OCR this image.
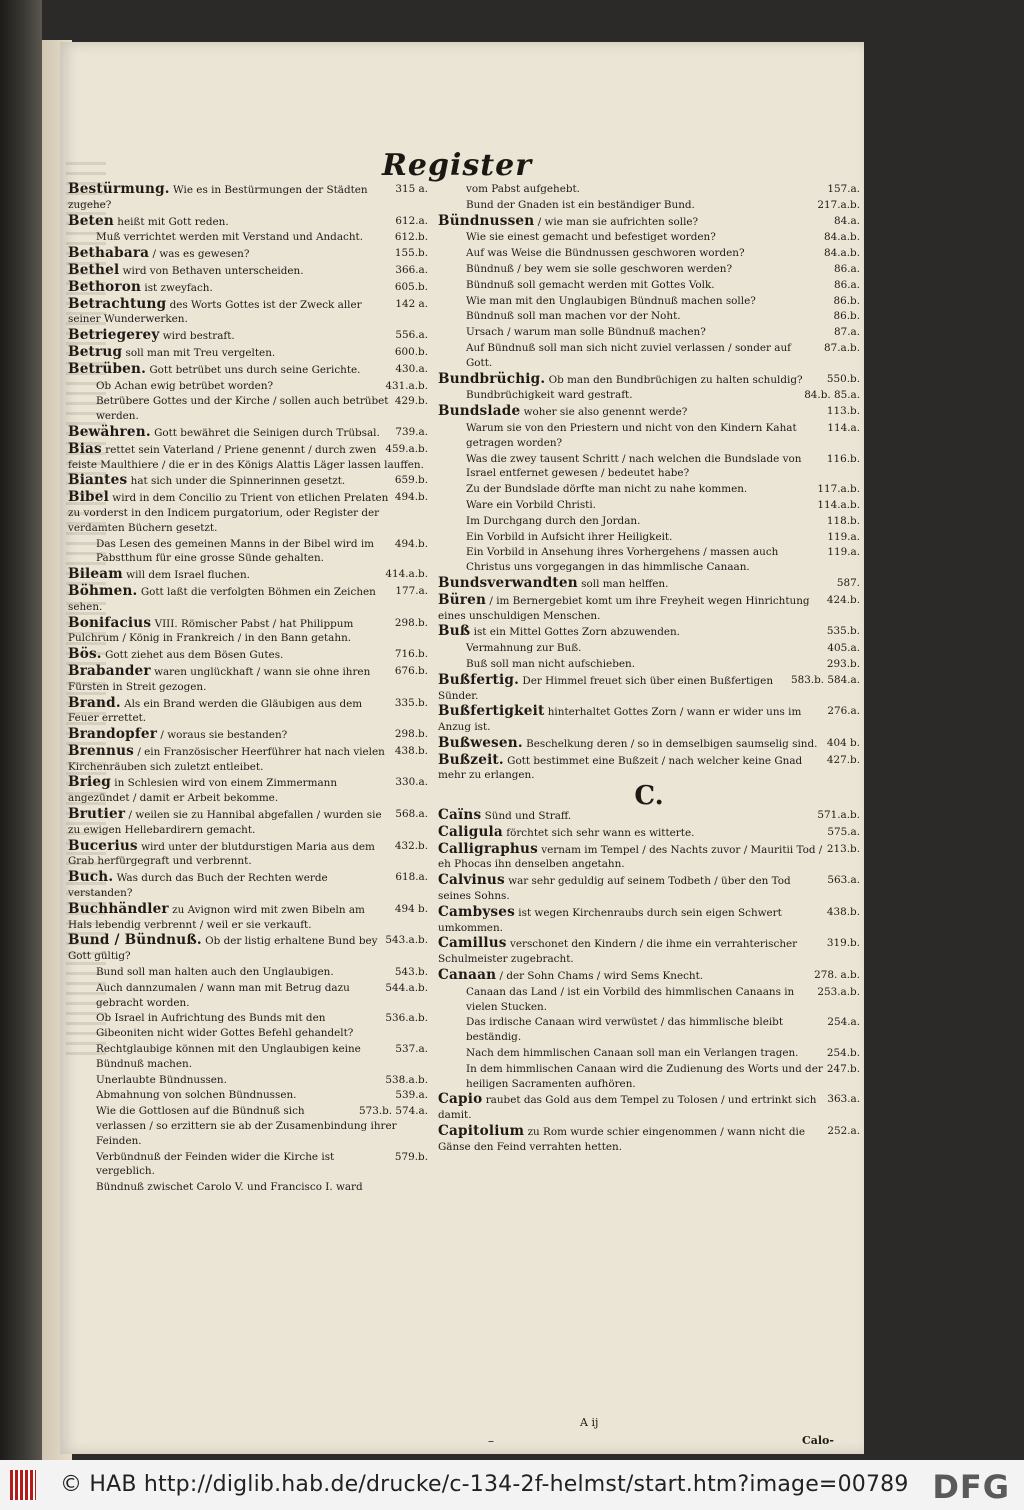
Register
315 a.
Bestürmung. Wie es in Bestürmungen der Städten zugehe?
612.a.
Beten heißt mit Gott reden.
612.b.
Muß verrichtet werden mit Verstand und Andacht.
155.b.
Bethabara / was es gewesen?
366.a.
Bethel wird von Bethaven unterscheiden.
605.b.
Bethoron ist zweyfach.
142 a.
Betrachtung des Worts Gottes ist der Zweck aller seiner Wunderwerken.
556.a.
Betriegerey wird bestraft.
600.b.
Betrug soll man mit Treu vergelten.
430.a.
Betrüben. Gott betrübet uns durch seine Gerichte.
431.a.b.
Ob Achan ewig betrübet worden?
429.b.
Betrübere Gottes und der Kirche / sollen auch betrübet werden.
739.a.
Bewähren. Gott bewähret die Seinigen durch Trübsal.
459.a.b.
Bias rettet sein Vaterland / Priene genennt / durch zwen feiste Maulthiere / die er in des Königs Alattis Läger lassen lauffen.
659.b.
Biantes hat sich under die Spinnerinnen gesetzt.
494.b.
Bibel wird in dem Concilio zu Trient von etlichen Prelaten zu vorderst in den Indicem purgatorium, oder Register der verdamten Büchern gesetzt.
494.b.
Das Lesen des gemeinen Manns in der Bibel wird im Pabstthum für eine grosse Sünde gehalten.
414.a.b.
Bileam will dem Israel fluchen.
177.a.
Böhmen. Gott laßt die verfolgten Böhmen ein Zeichen sehen.
298.b.
Bonifacius VIII. Römischer Pabst / hat Philippum Pulchrum / König in Frankreich / in den Bann getahn.
716.b.
Bös. Gott ziehet aus dem Bösen Gutes.
676.b.
Brabander waren unglückhaft / wann sie ohne ihren Fürsten in Streit gezogen.
335.b.
Brand. Als ein Brand werden die Gläubigen aus dem Feuer errettet.
298.b.
Brandopfer / woraus sie bestanden?
438.b.
Brennus / ein Französischer Heerführer hat nach vielen Kirchenräuben sich zuletzt entleibet.
330.a.
Brieg in Schlesien wird von einem Zimmermann angezündet / damit er Arbeit bekomme.
568.a.
Brutier / weilen sie zu Hannibal abgefallen / wurden sie zu ewigen Hellebardirern gemacht.
432.b.
Bucerius wird unter der blutdurstigen Maria aus dem Grab herfürgegraft und verbrennt.
618.a.
Buch. Was durch das Buch der Rechten werde verstanden?
494 b.
Buchhändler zu Avignon wird mit zwen Bibeln am Hals lebendig verbrennt / weil er sie verkauft.
543.a.b.
Bund / Bündnuß. Ob der listig erhaltene Bund bey Gott gültig?
543.b.
Bund soll man halten auch den Unglaubigen.
544.a.b.
Auch dannzumalen / wann man mit Betrug dazu gebracht worden.
536.a.b.
Ob Israel in Aufrichtung des Bunds mit den Gibeoniten nicht wider Gottes Befehl gehandelt?
537.a.
Rechtglaubige können mit den Unglaubigen keine Bündnuß machen.
538.a.b.
Unerlaubte Bündnussen.
539.a.
Abmahnung von solchen Bündnussen.
573.b. 574.a.
Wie die Gottlosen auf die Bündnuß sich verlassen / so erzittern sie ab der Zusamenbindung ihrer Feinden.
579.b.
Verbündnuß der Feinden wider die Kirche ist vergeblich.
Bündnuß zwischet Carolo V. und Francisco I. ward
157.a.
vom Pabst aufgehebt.
217.a.b.
Bund der Gnaden ist ein beständiger Bund.
84.a.
Bündnussen / wie man sie aufrichten solle?
84.a.b.
Wie sie einest gemacht und befestiget worden?
84.a.b.
Auf was Weise die Bündnussen geschworen worden?
86.a.
Bündnuß / bey wem sie solle geschworen werden?
86.a.
Bündnuß soll gemacht werden mit Gottes Volk.
86.b.
Wie man mit den Unglaubigen Bündnuß machen solle?
86.b.
Bündnuß soll man machen vor der Noht.
87.a.
Ursach / warum man solle Bündnuß machen?
87.a.b.
Auf Bündnuß soll man sich nicht zuviel verlassen / sonder auf Gott.
550.b.
Bundbrüchig. Ob man den Bundbrüchigen zu halten schuldig?
84.b. 85.a.
Bundbrüchigkeit ward gestraft.
113.b.
Bundslade woher sie also genennt werde?
114.a.
Warum sie von den Priestern und nicht von den Kindern Kahat getragen worden?
116.b.
Was die zwey tausent Schritt / nach welchen die Bundslade von Israel entfernet gewesen / bedeutet habe?
117.a.b.
Zu der Bundslade dörfte man nicht zu nahe kommen.
114.a.b.
Ware ein Vorbild Christi.
118.b.
Im Durchgang durch den Jordan.
119.a.
Ein Vorbild in Aufsicht ihrer Heiligkeit.
119.a.
Ein Vorbild in Ansehung ihres Vorhergehens / massen auch Christus uns vorgegangen in das himmlische Canaan.
587.
Bundsverwandten soll man helffen.
424.b.
Büren / im Bernergebiet komt um ihre Freyheit wegen Hinrichtung eines unschuldigen Menschen.
535.b.
Buß ist ein Mittel Gottes Zorn abzuwenden.
405.a.
Vermahnung zur Buß.
293.b.
Buß soll man nicht aufschieben.
583.b. 584.a.
Bußfertig. Der Himmel freuet sich über einen Bußfertigen Sünder.
276.a.
Bußfertigkeit hinterhaltet Gottes Zorn / wann er wider uns im Anzug ist.
404 b.
Bußwesen. Beschelkung deren / so in demselbigen saumselig sind.
427.b.
Bußzeit. Gott bestimmet eine Bußzeit / nach welcher keine Gnad mehr zu erlangen.
C.
571.a.b.
Caïns Sünd und Straff.
575.a.
Caligula förchtet sich sehr wann es witterte.
213.b.
Calligraphus vernam im Tempel / des Nachts zuvor / Mauritii Tod / eh Phocas ihn denselben angetahn.
563.a.
Calvinus war sehr geduldig auf seinem Todbeth / über den Tod seines Sohns.
438.b.
Cambyses ist wegen Kirchenraubs durch sein eigen Schwert umkommen.
319.b.
Camillus verschonet den Kindern / die ihme ein verrahterischer Schulmeister zugebracht.
278. a.b.
Canaan / der Sohn Chams / wird Sems Knecht.
253.a.b.
Canaan das Land / ist ein Vorbild des himmlischen Canaans in vielen Stucken.
254.a.
Das irdische Canaan wird verwüstet / das himmlische bleibt beständig.
254.b.
Nach dem himmlischen Canaan soll man ein Verlangen tragen.
247.b.
In dem himmlischen Canaan wird die Zudienung des Worts und der heiligen Sacramenten aufhören.
363.a.
Capio raubet das Gold aus dem Tempel zu Tolosen / und ertrinkt sich damit.
252.a.
Capitolium zu Rom wurde schier eingenommen / wann nicht die Gänse den Feind verrahten hetten.
A ij
–	Calo-
© HAB http://diglib.hab.de/drucke/c-134-2f-helmst/start.htm?image=00789 DFG
